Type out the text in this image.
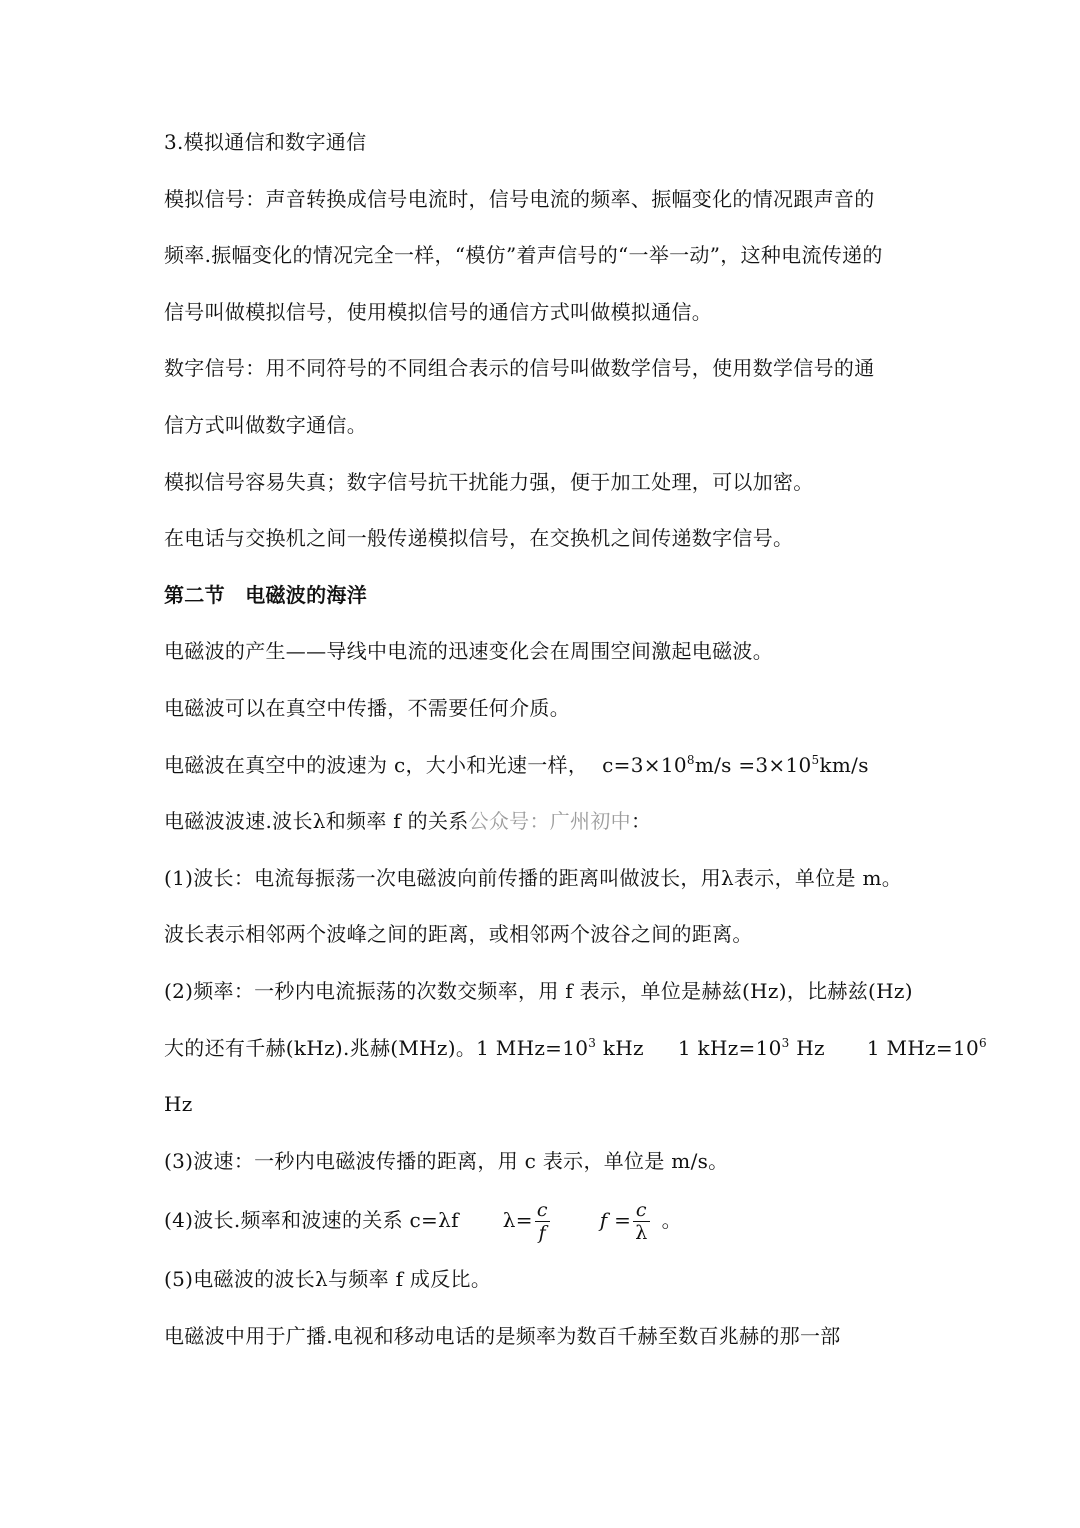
3.模拟通信和数字通信
模拟信号：声音转换成信号电流时，信号电流的频率、振幅变化的情况跟声音的
频率.振幅变化的情况完全一样，“模仿”着声信号的“一举一动”，这种电流传递的
信号叫做模拟信号，使用模拟信号的通信方式叫做模拟通信。
数字信号：用不同符号的不同组合表示的信号叫做数学信号，使用数学信号的通
信方式叫做数字通信。
模拟信号容易失真；数字信号抗干扰能力强，便于加工处理，可以加密。
在电话与交换机之间一般传递模拟信号，在交换机之间传递数字信号。
第二节　电磁波的海洋
电磁波的产生——导线中电流的迅速变化会在周围空间激起电磁波。
电磁波可以在真空中传播，不需要任何介质。
电磁波在真空中的波速为 c，大小和光速一样， $c=3\times 10^8m/s =3\times 10^5km/s$
电磁波波速.波长λ和频率 f 的关系公众号：广州初中：
(1)波长：电流每振荡一次电磁波向前传播的距离叫做波长，用λ表示，单位是 m。
波长表示相邻两个波峰之间的距离，或相邻两个波谷之间的距离。
(2)频率：一秒内电流振荡的次数交频率，用 f 表示，单位是赫兹(Hz)，比赫兹(Hz)
大的还有千赫(kHz).兆赫(MHz)。1 $MHz=10^3$ kHz 1 $kHz=10^3$ Hz 1 $MHz=10^6$
Hz
(3)波速：一秒内电磁波传播的距离，用 c 表示，单位是 m/s。
(4)波长.频率和波速的关系 c=λf $\lambda= \frac{c}{f}$	$f = \frac{c}{\lambda}$ 。
(5)电磁波的波长λ与频率 f 成反比。
电磁波中用于广播.电视和移动电话的是频率为数百千赫至数百兆赫的那一部
